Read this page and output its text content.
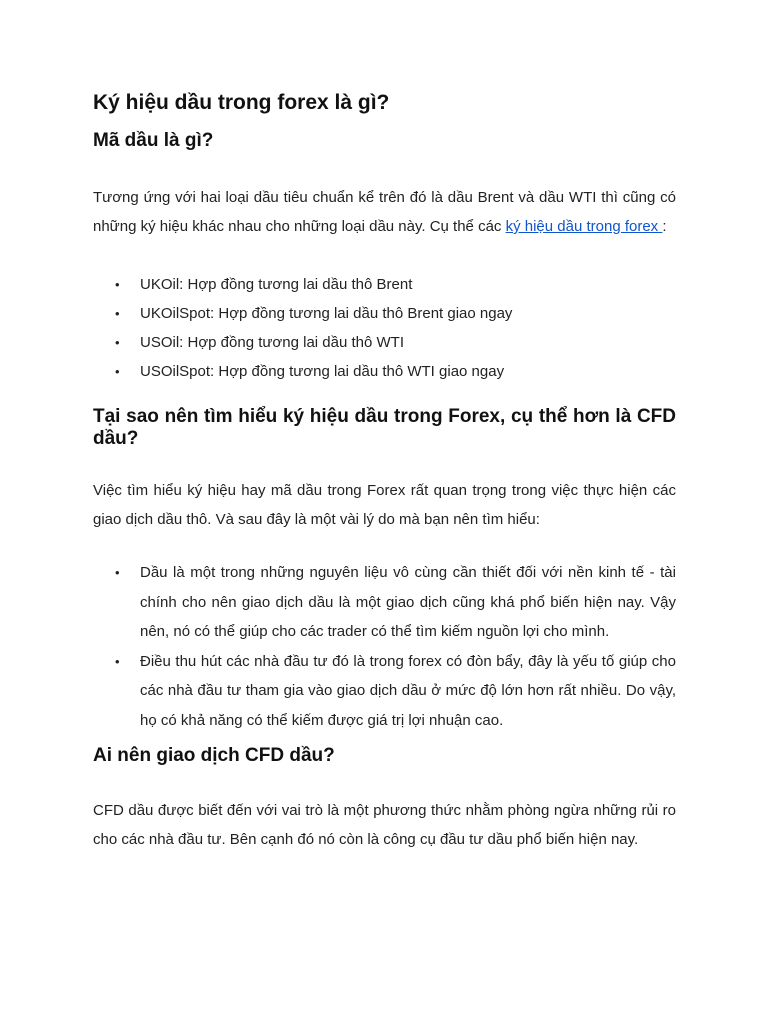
Ký hiệu dầu trong forex là gì?
Mã dầu là gì?

Tương ứng với hai loại dầu tiêu chuẩn kể trên đó là dầu Brent và dầu WTI thì cũng có những ký hiệu khác nhau cho những loại dầu này. Cụ thể các ký hiệu dầu trong forex :

• UKOil: Hợp đồng tương lai dầu thô Brent
• UKOilSpot: Hợp đồng tương lai dầu thô Brent giao ngay
• USOil: Hợp đồng tương lai dầu thô WTI
• USOilSpot: Hợp đồng tương lai dầu thô WTI giao ngay
Tại sao nên tìm hiểu ký hiệu dầu trong Forex, cụ thể hơn là CFD dầu?

Việc tìm hiểu ký hiệu hay mã dầu trong Forex rất quan trọng trong việc thực hiện các giao dịch dầu thô. Và sau đây là một vài lý do mà bạn nên tìm hiểu:

• Dầu là một trong những nguyên liệu vô cùng cần thiết đối với nền kinh tế - tài chính cho nên giao dịch dầu là một giao dịch cũng khá phổ biến hiện nay. Vậy nên, nó có thể giúp cho các trader có thể tìm kiếm nguồn lợi cho mình.
• Điều thu hút các nhà đầu tư đó là trong forex có đòn bẩy, đây là yếu tố giúp cho các nhà đầu tư tham gia vào giao dịch dầu ở mức độ lớn hơn rất nhiều. Do vậy, họ có khả năng có thể kiếm được giá trị lợi nhuận cao.
Ai nên giao dịch CFD dầu?

CFD dầu được biết đến với vai trò là một phương thức nhằm phòng ngừa những rủi ro cho các nhà đầu tư. Bên cạnh đó nó còn là công cụ đầu tư dầu phổ biến hiện nay.
